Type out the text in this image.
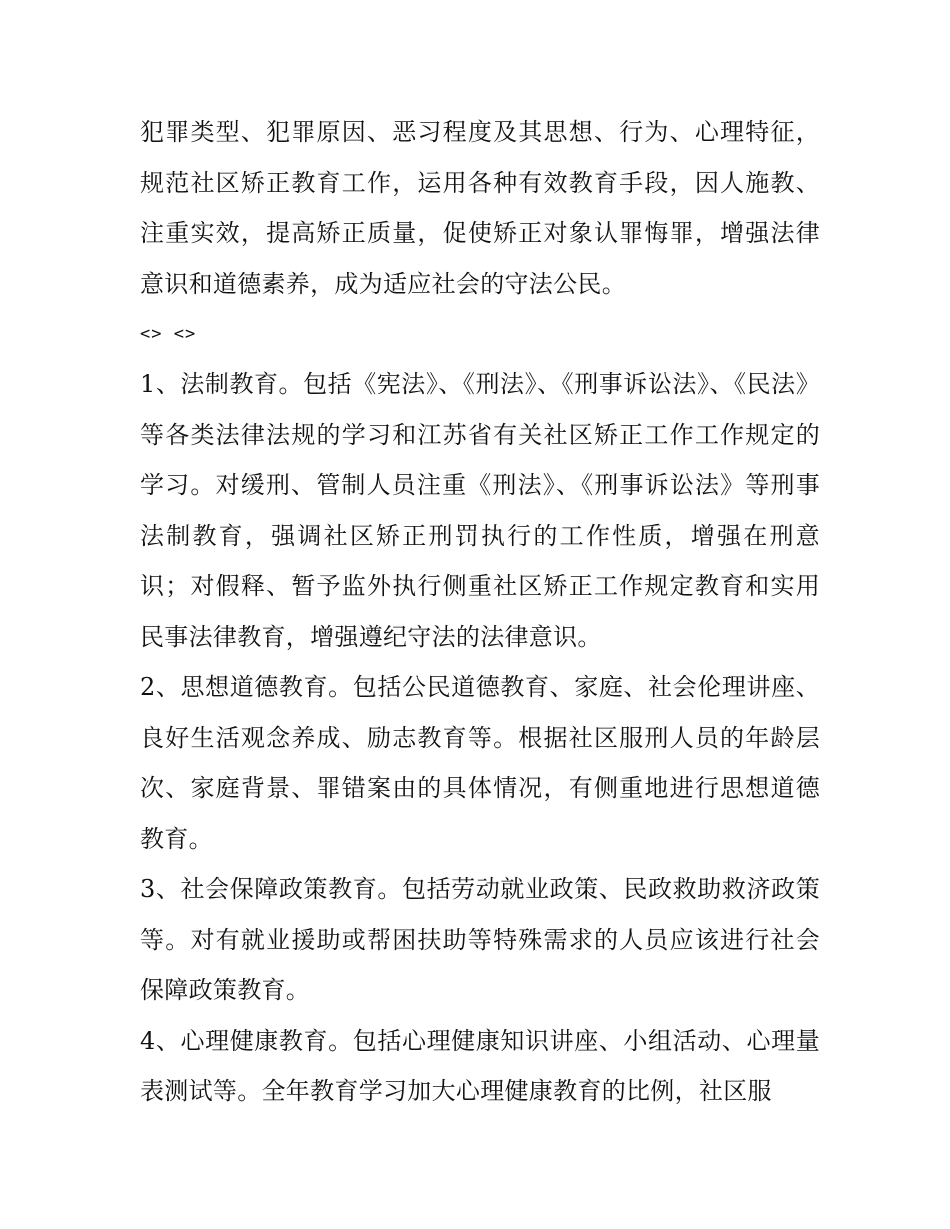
犯罪类型、犯罪原因、恶习程度及其思想、行为、心理特征，规范社区矫正教育工作，运用各种有效教育手段，因人施教、注重实效，提高矫正质量，促使矫正对象认罪悔罪，增强法律意识和道德素养，成为适应社会的守法公民。

<> <>

1、法制教育。包括《宪法》、《刑法》、《刑事诉讼法》、《民法》等各类法律法规的学习和江苏省有关社区矫正工作工作规定的学习。对缓刑、管制人员注重《刑法》、《刑事诉讼法》等刑事法制教育，强调社区矫正刑罚执行的工作性质，增强在刑意识；对假释、暂予监外执行侧重社区矫正工作规定教育和实用民事法律教育，增强遵纪守法的法律意识。

2、思想道德教育。包括公民道德教育、家庭、社会伦理讲座、良好生活观念养成、励志教育等。根据社区服刑人员的年龄层次、家庭背景、罪错案由的具体情况，有侧重地进行思想道德教育。

3、社会保障政策教育。包括劳动就业政策、民政救助救济政策等。对有就业援助或帮困扶助等特殊需求的人员应该进行社会保障政策教育。

4、心理健康教育。包括心理健康知识讲座、小组活动、心理量表测试等。全年教育学习加大心理健康教育的比例，社区服
